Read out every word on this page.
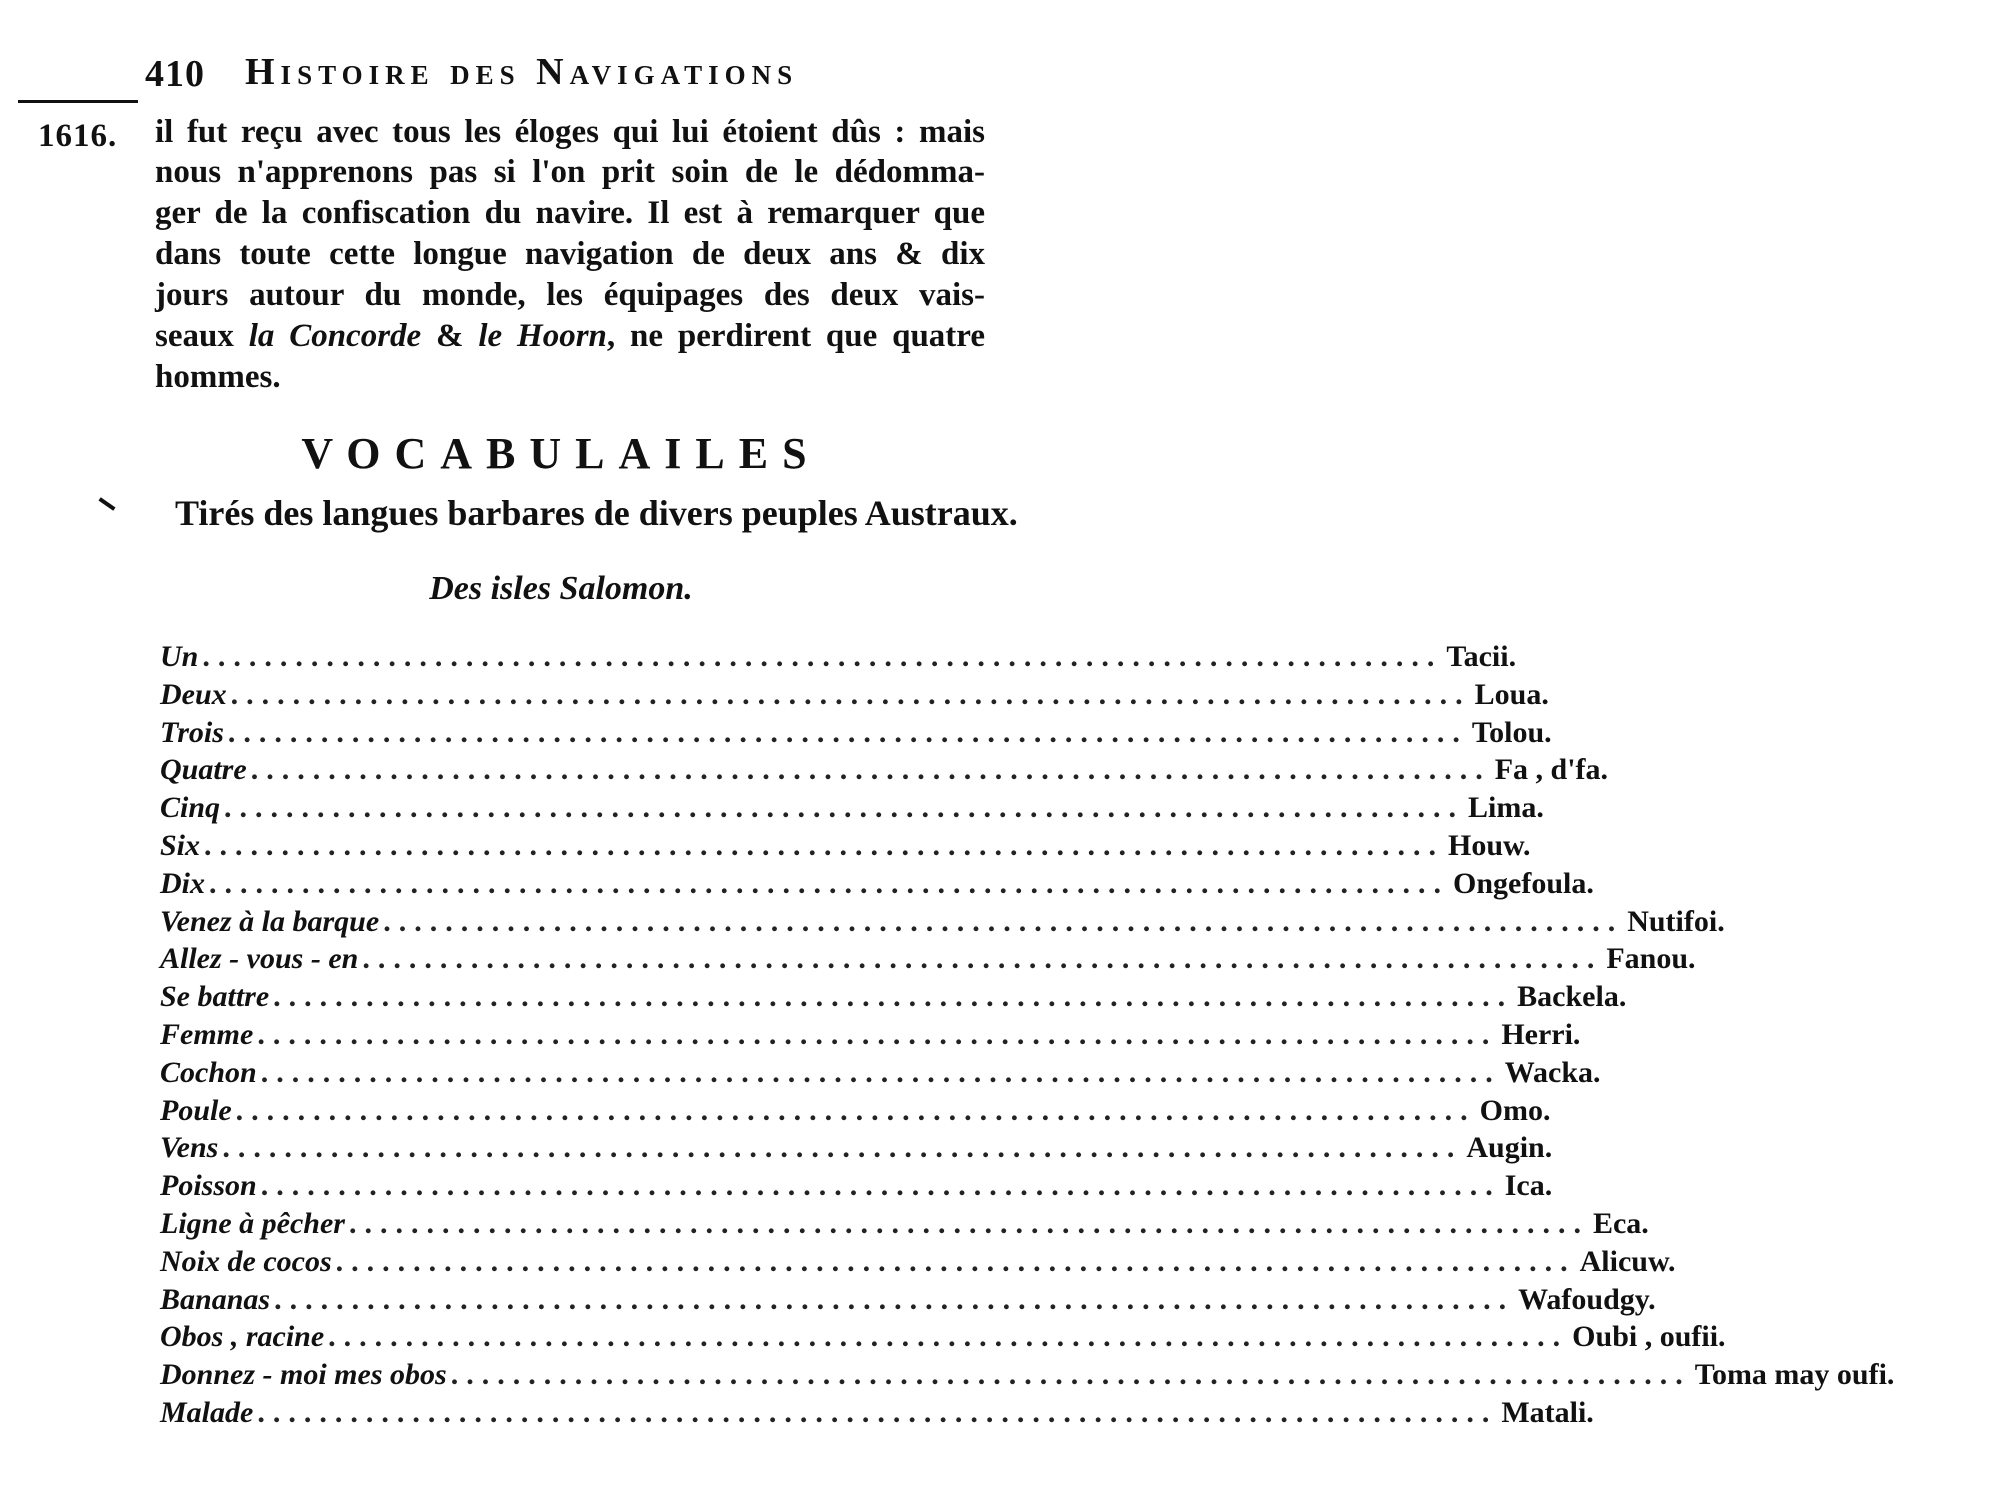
410 Histoire des Navigations
1616. il fut reçu avec tous les éloges qui lui étoient dûs : mais
nous n'apprenons pas si l'on prit soin de le dédomma-
ger de la confiscation du navire. Il est à remarquer que
dans toute cette longue navigation de deux ans & dix
jours autour du monde, les équipages des deux vais-
seaux la Concorde & le Hoorn, ne perdirent que quatre
hommes.
VOCABULAILES
Tirés des langues barbares de divers peuples Austraux.
Des isles Salomon.
Un ................................................................................ Tacii.
Deux ................................................................................ Loua.
Trois ................................................................................ Tolou.
Quatre ................................................................................ Fa , d'fa.
Cinq ................................................................................ Lima.
Six ................................................................................ Houw.
Dix ................................................................................ Ongefoula.
Venez à la barque ................................................................................ Nutifoi.
Allez - vous - en ................................................................................ Fanou.
Se battre ................................................................................ Backela.
Femme ................................................................................ Herri.
Cochon ................................................................................ Wacka.
Poule ................................................................................ Omo.
Vens ................................................................................ Augin.
Poisson ................................................................................ Ica.
Ligne à pêcher ................................................................................ Eca.
Noix de cocos ................................................................................ Alicuw.
Bananas ................................................................................ Wafoudgy.
Obos , racine ................................................................................ Oubi , oufii.
Donnez - moi mes obos ................................................................................ Toma may oufi.
Malade ................................................................................ Matali.
